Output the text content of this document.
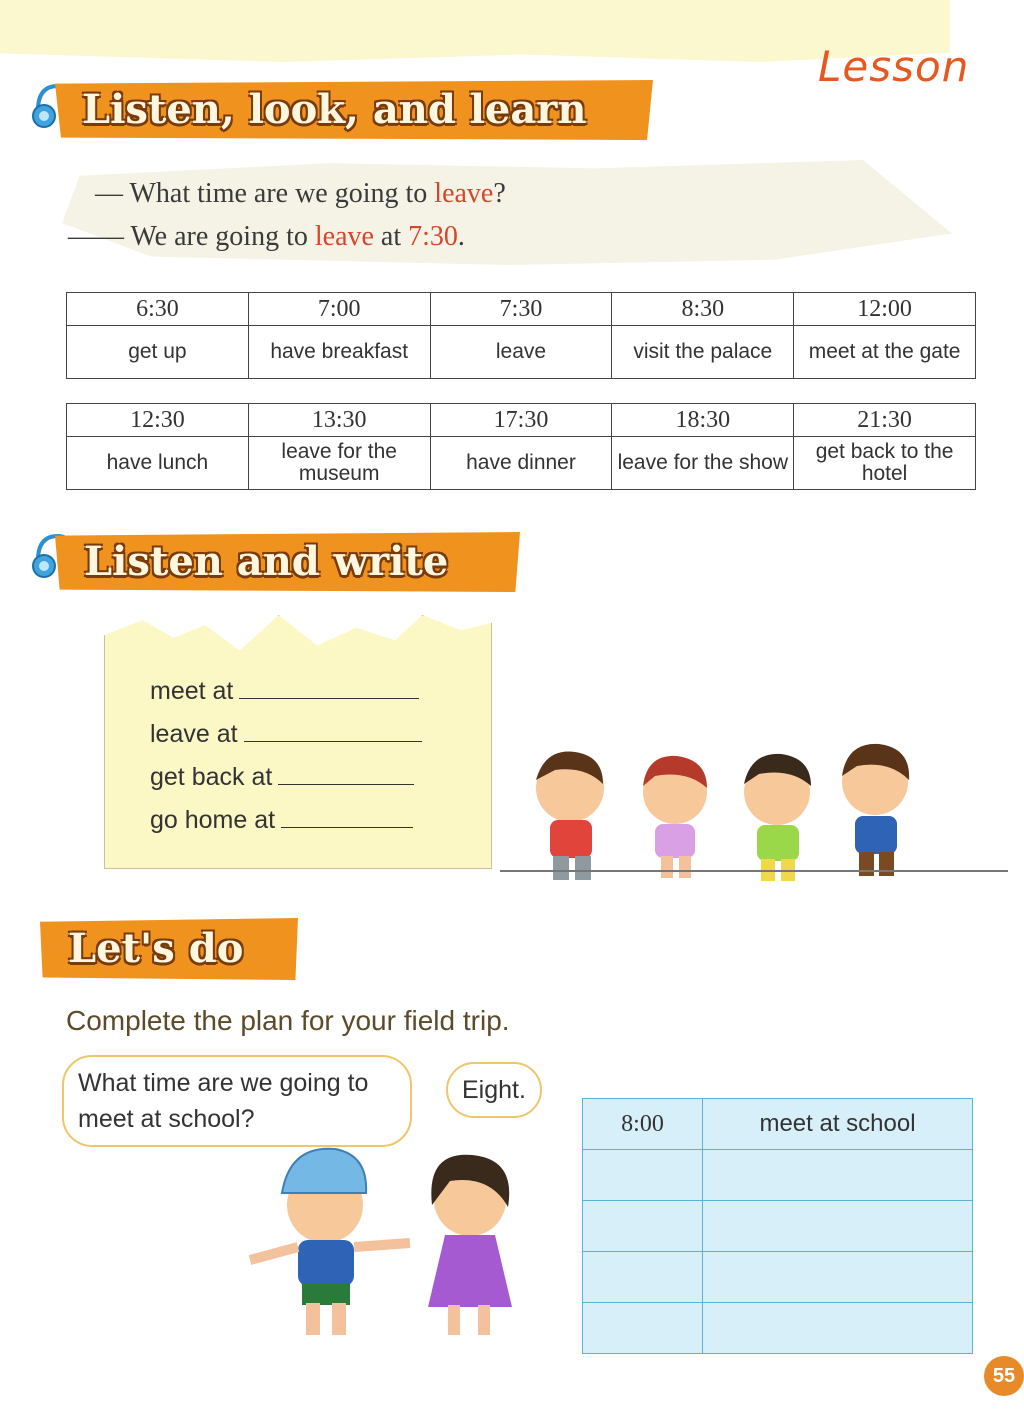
Lesson
Listen, look, and learn
— What time are we going to leave?
—— We are going to leave at 7:30.
6:30	7:00	7:30	8:30	12:00
get up	have breakfast	leave	visit the palace	meet at the gate
12:30	13:30	17:30	18:30	21:30
have lunch	leave for the museum	have dinner	leave for the show	get back to the hotel
Listen and write
meet at
leave at
get back at
go home at
Let's do
Complete the plan for your field trip.
What time are we going to meet at school?
Eight.
8:00	meet at school

55
